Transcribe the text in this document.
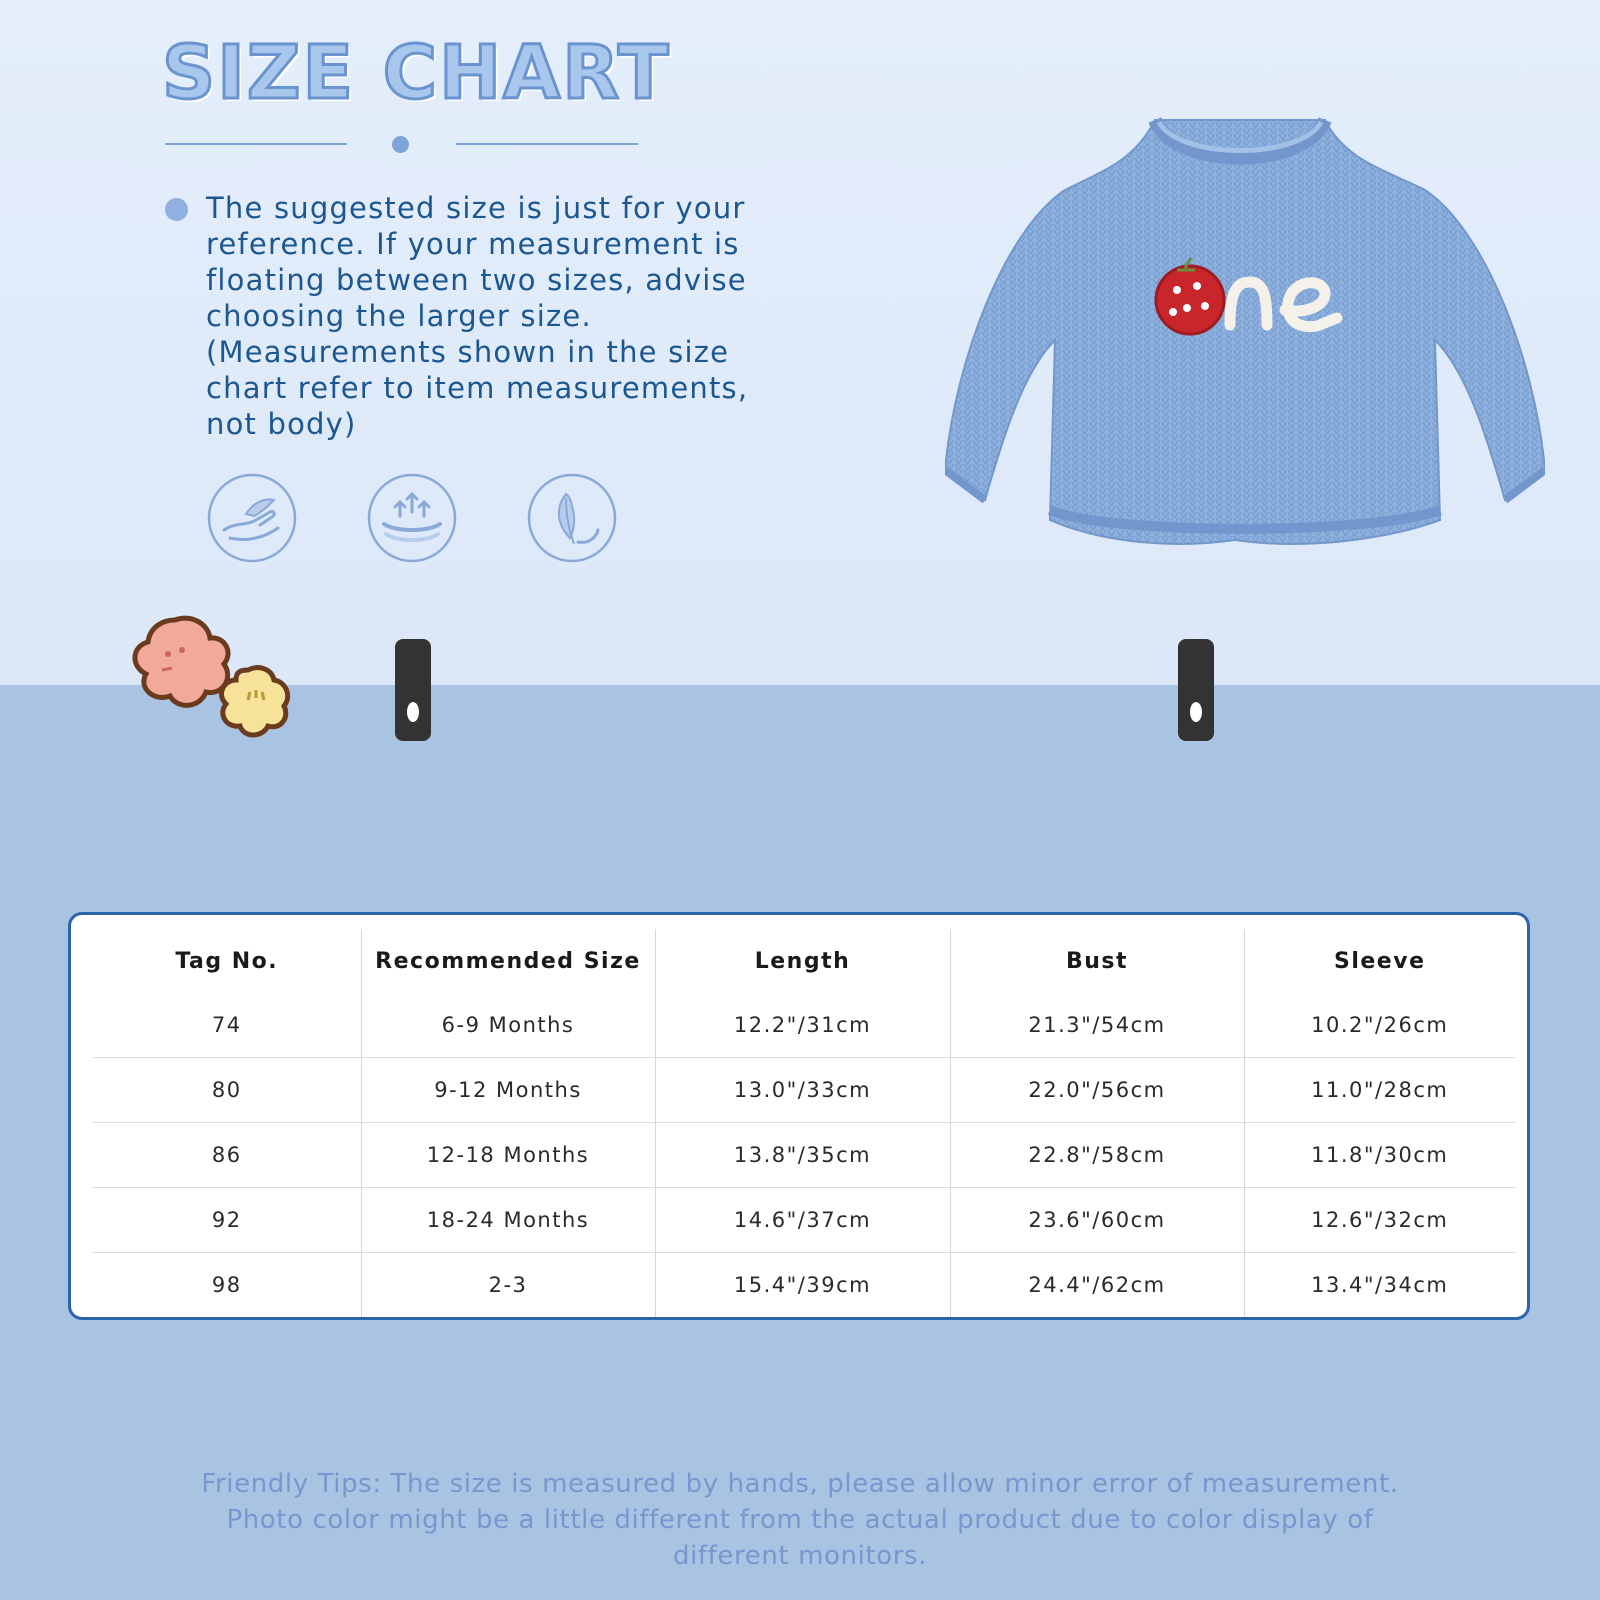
SIZE CHART

The suggested size is just for your
reference. If your measurement is
floating between two sizes, advise
choosing the larger size.
(Measurements shown in the size
chart refer to item measurements,
not body)

Tag No.	Recommended Size	Length	Bust	Sleeve
74	6-9 Months	12.2"/31cm	21.3"/54cm	10.2"/26cm
80	9-12 Months	13.0"/33cm	22.0"/56cm	11.0"/28cm
86	12-18 Months	13.8"/35cm	22.8"/58cm	11.8"/30cm
92	18-24 Months	14.6"/37cm	23.6"/60cm	12.6"/32cm
98	2-3	15.4"/39cm	24.4"/62cm	13.4"/34cm

Friendly Tips: The size is measured by hands, please allow minor error of measurement.
Photo color might be a little different from the actual product due to color display of
different monitors.
